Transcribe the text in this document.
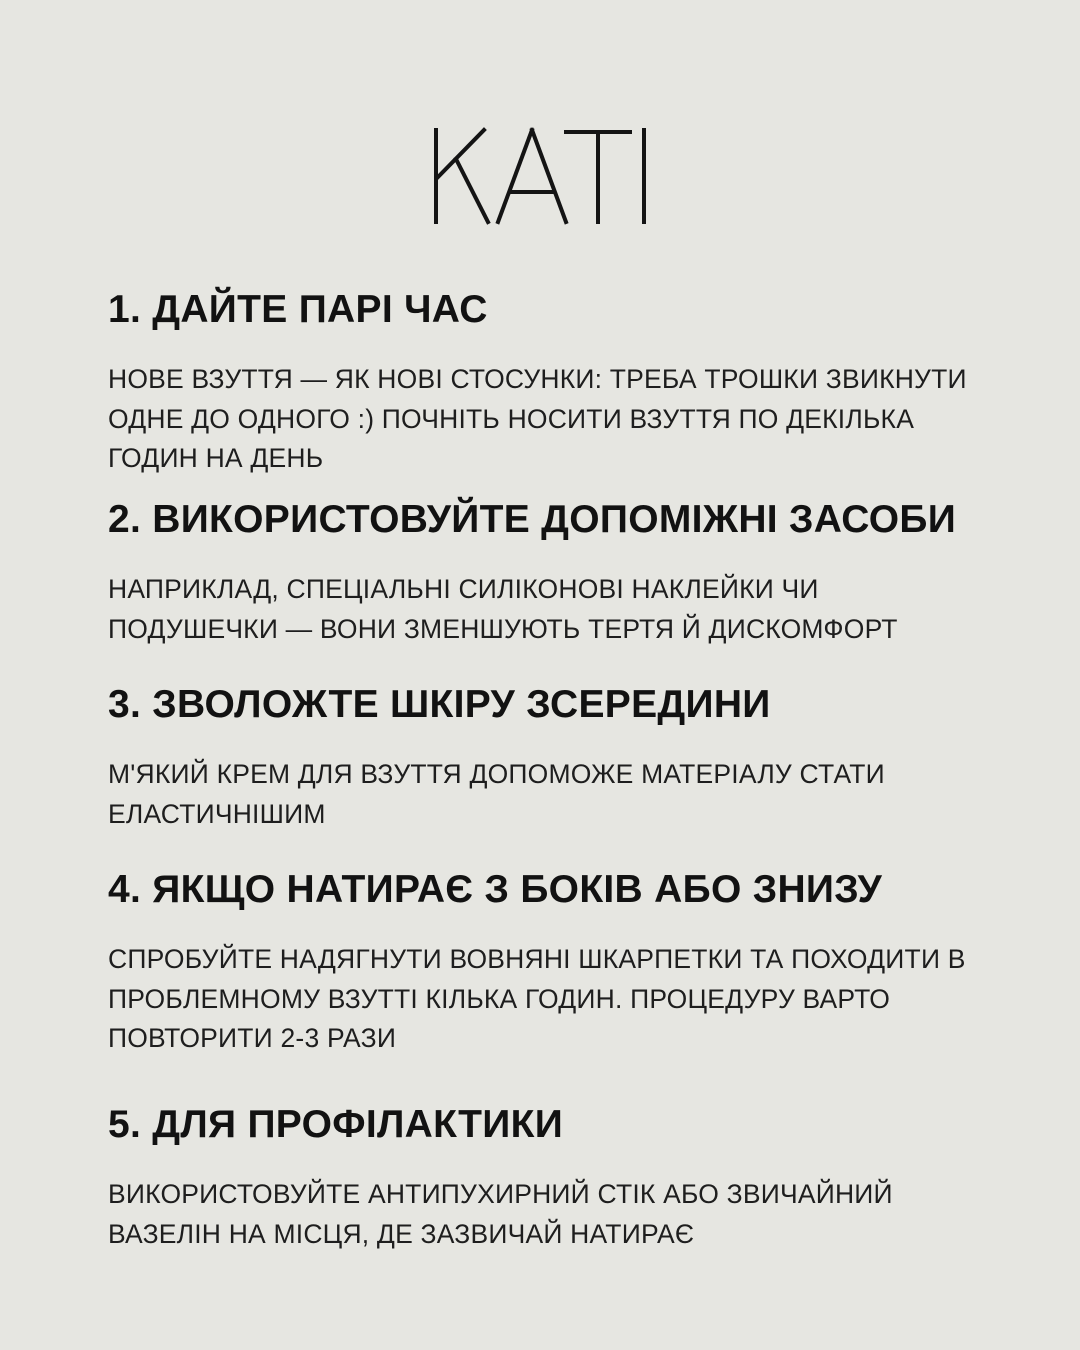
1. ДАЙТЕ ПАРІ ЧАС

НОВЕ ВЗУТТЯ — ЯК НОВІ СТОСУНКИ: ТРЕБА ТРОШКИ ЗВИКНУТИ ОДНЕ ДО ОДНОГО :) ПОЧНІТЬ НОСИТИ ВЗУТТЯ ПО ДЕКІЛЬКА ГОДИН НА ДЕНЬ

2. ВИКОРИСТОВУЙТЕ ДОПОМІЖНІ ЗАСОБИ

НАПРИКЛАД, СПЕЦІАЛЬНІ СИЛІКОНОВІ НАКЛЕЙКИ ЧИ ПОДУШЕЧКИ — ВОНИ ЗМЕНШУЮТЬ ТЕРТЯ Й ДИСКОМФОРТ

3. ЗВОЛОЖТЕ ШКІРУ ЗСЕРЕДИНИ

М'ЯКИЙ КРЕМ ДЛЯ ВЗУТТЯ ДОПОМОЖЕ МАТЕРІАЛУ СТАТИ ЕЛАСТИЧНІШИМ

4. ЯКЩО НАТИРАЄ З БОКІВ АБО ЗНИЗУ

СПРОБУЙТЕ НАДЯГНУТИ ВОВНЯНІ ШКАРПЕТКИ ТА ПОХОДИТИ В ПРОБЛЕМНОМУ ВЗУТТІ КІЛЬКА ГОДИН. ПРОЦЕДУРУ ВАРТО ПОВТОРИТИ 2-3 РАЗИ

5. ДЛЯ ПРОФІЛАКТИКИ

ВИКОРИСТОВУЙТЕ АНТИПУХИРНИЙ СТІК АБО ЗВИЧАЙНИЙ ВАЗЕЛІН НА МІСЦЯ, ДЕ ЗАЗВИЧАЙ НАТИРАЄ
